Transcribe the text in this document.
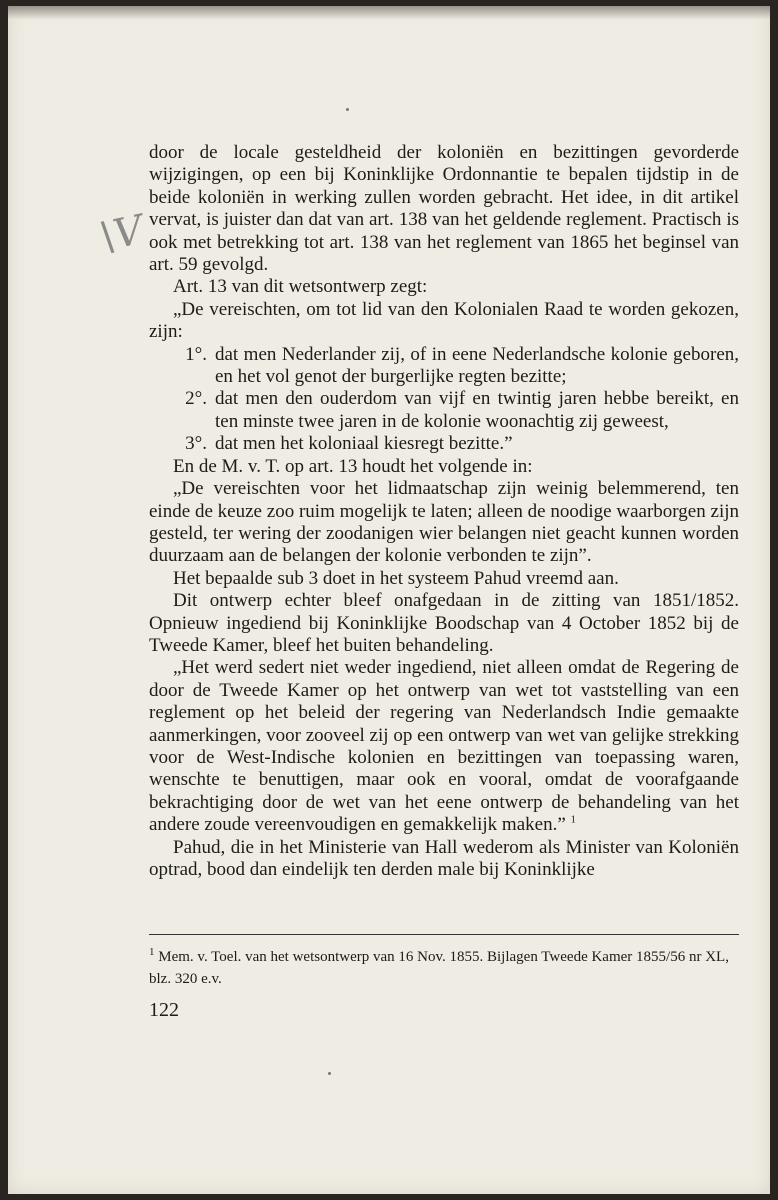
\V

door de locale gesteldheid der koloniën en bezittingen gevorderde wijzigingen, op een bij Koninklijke Ordonnantie te bepalen tijdstip in de beide koloniën in werking zullen worden gebracht. Het idee, in dit artikel vervat, is juister dan dat van art. 138 van het geldende reglement. Practisch is ook met betrekking tot art. 138 van het reglement van 1865 het beginsel van art. 59 gevolgd.

Art. 13 van dit wetsontwerp zegt:

„De vereischten, om tot lid van den Kolonialen Raad te worden gekozen, zijn:

1°. dat men Nederlander zij, of in eene Nederlandsche kolonie geboren, en het vol genot der burgerlijke regten bezitte;
2°. dat men den ouderdom van vijf en twintig jaren hebbe bereikt, en ten minste twee jaren in de kolonie woonachtig zij geweest,
3°. dat men het koloniaal kiesregt bezitte.”

En de M. v. T. op art. 13 houdt het volgende in:

„De vereischten voor het lidmaatschap zijn weinig belemmerend, ten einde de keuze zoo ruim mogelijk te laten; alleen de noodige waarborgen zijn gesteld, ter wering der zoodanigen wier belangen niet geacht kunnen worden duurzaam aan de belangen der kolonie verbonden te zijn”.

Het bepaalde sub 3 doet in het systeem Pahud vreemd aan.

Dit ontwerp echter bleef onafgedaan in de zitting van 1851/1852. Opnieuw ingediend bij Koninklijke Boodschap van 4 October 1852 bij de Tweede Kamer, bleef het buiten behandeling.

„Het werd sedert niet weder ingediend, niet alleen omdat de Regering de door de Tweede Kamer op het ontwerp van wet tot vaststelling van een reglement op het beleid der regering van Nederlandsch Indie gemaakte aanmerkingen, voor zooveel zij op een ontwerp van wet van gelijke strekking voor de West-Indische kolonien en bezittingen van toepassing waren, wenschte te benuttigen, maar ook en vooral, omdat de voorafgaande bekrachtiging door de wet van het eene ontwerp de behandeling van het andere zoude vereenvoudigen en gemakkelijk maken.” $^1$

Pahud, die in het Ministerie van Hall wederom als Minister van Koloniën optrad, bood dan eindelijk ten derden male bij Koninklijke

$^1$ Mem. v. Toel. van het wetsontwerp van 16 Nov. 1855. Bijlagen Tweede Kamer 1855/56 nr XL, blz. 320 e.v.

122
